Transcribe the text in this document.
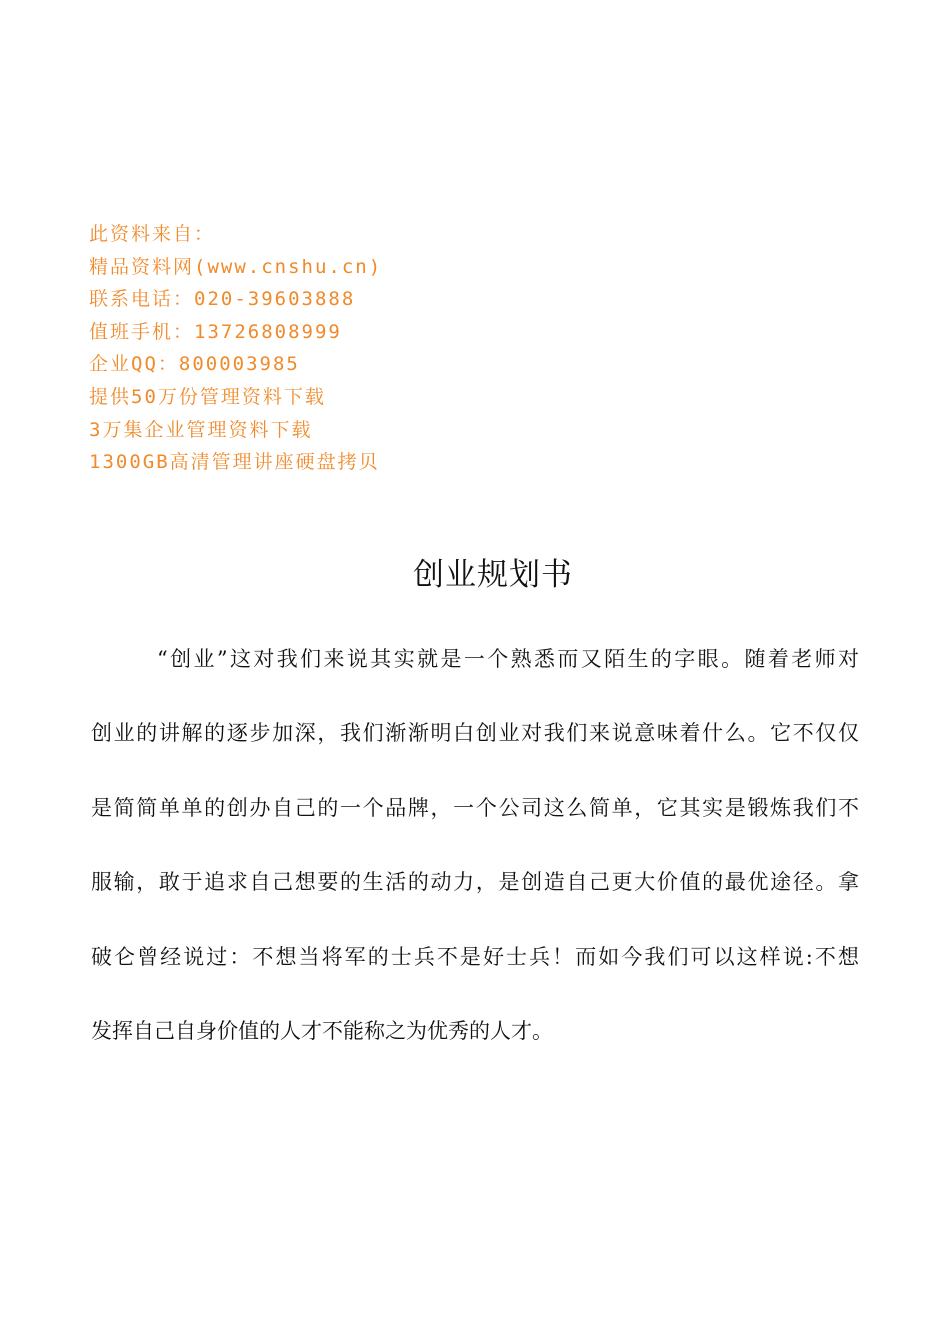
此资料来自：
精品资料网(www.cnshu.cn)
联系电话：020-39603888
值班手机：13726808999
企业QQ：800003985
提供50万份管理资料下载
3万集企业管理资料下载
1300GB高清管理讲座硬盘拷贝
创业规划书
“创业”这对我们来说其实就是一个熟悉而又陌生的字眼。随着老师对
创业的讲解的逐步加深，我们渐渐明白创业对我们来说意味着什么。它不仅仅
是简简单单的创办自己的一个品牌，一个公司这么简单，它其实是锻炼我们不
服输，敢于追求自己想要的生活的动力，是创造自己更大价值的最优途径。拿
破仑曾经说过：不想当将军的士兵不是好士兵！而如今我们可以这样说:不想
发挥自己自身价值的人才不能称之为优秀的人才。
